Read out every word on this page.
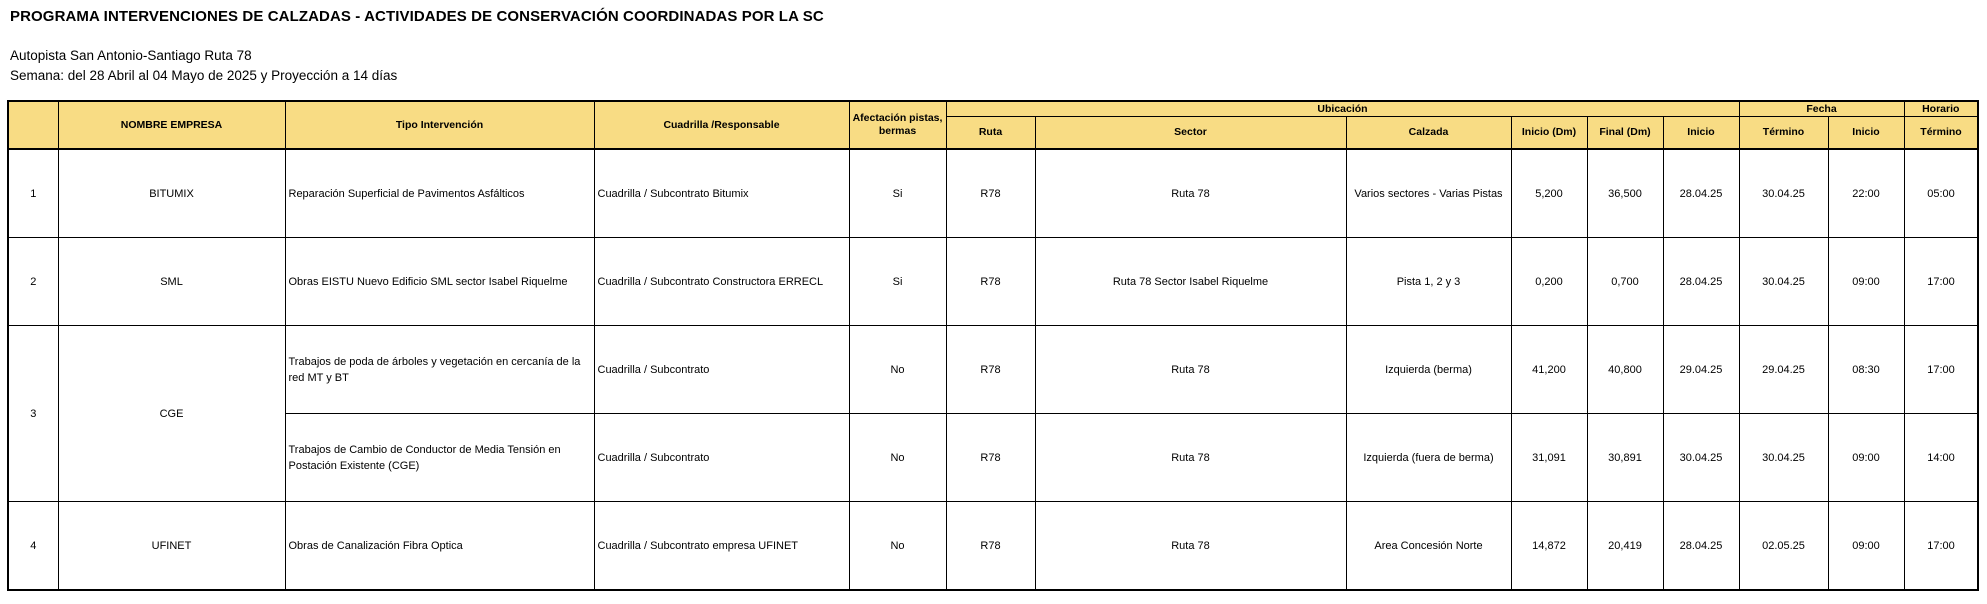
PROGRAMA INTERVENCIONES DE CALZADAS - ACTIVIDADES DE CONSERVACIÓN COORDINADAS POR LA SC
Autopista San Antonio-Santiago Ruta 78
Semana: del 28 Abril al 04 Mayo de 2025 y Proyección a 14 días
	NOMBRE EMPRESA	Tipo Intervención	Cuadrilla /Responsable	Afectación pistas, bermas	Ubicación						Fecha		Horario
					Ruta	Sector	Calzada	Inicio (Dm)	Final (Dm)	Inicio	Término	Inicio	Término
1	BITUMIX	Reparación Superficial de Pavimentos Asfálticos	Cuadrilla / Subcontrato Bitumix	Si	R78	Ruta 78	Varios sectores - Varias Pistas	5,200	36,500	28.04.25	30.04.25	22:00	05:00
2	SML	Obras EISTU Nuevo Edificio SML sector Isabel Riquelme	Cuadrilla / Subcontrato Constructora ERRECL	Si	R78	Ruta 78 Sector Isabel Riquelme	Pista 1, 2 y 3	0,200	0,700	28.04.25	30.04.25	09:00	17:00
3	CGE	Trabajos de poda de árboles y vegetación en cercanía de la red MT y BT	Cuadrilla / Subcontrato	No	R78	Ruta 78	Izquierda (berma)	41,200	40,800	29.04.25	29.04.25	08:30	17:00
		Trabajos de Cambio de Conductor de Media Tensión en Postación Existente (CGE)	Cuadrilla / Subcontrato	No	R78	Ruta 78	Izquierda (fuera de berma)	31,091	30,891	30.04.25	30.04.25	09:00	14:00
4	UFINET	Obras de Canalización Fibra Optica	Cuadrilla / Subcontrato empresa UFINET	No	R78	Ruta 78	Area Concesión Norte	14,872	20,419	28.04.25	02.05.25	09:00	17:00
